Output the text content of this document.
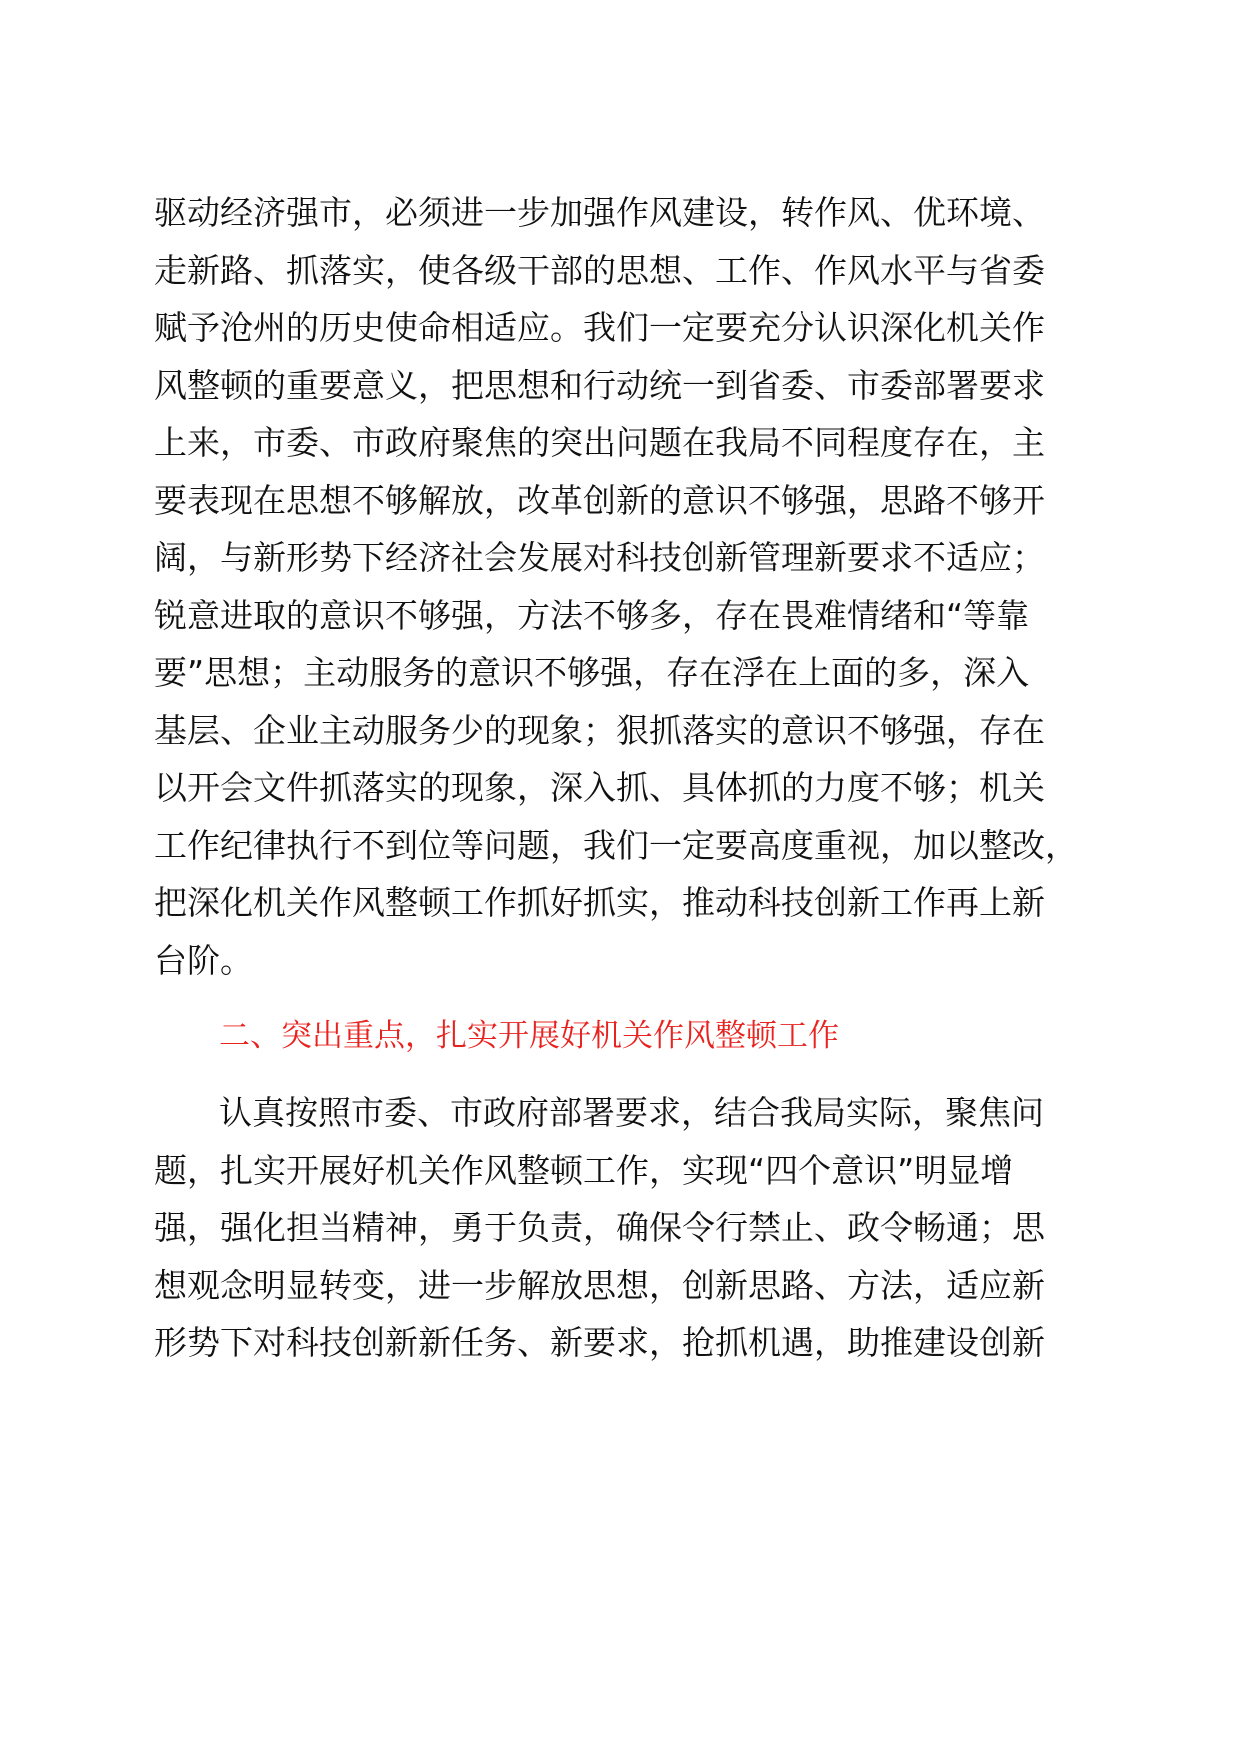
驱动经济强市，必须进一步加强作风建设，转作风、优环境、

走新路、抓落实，使各级干部的思想、工作、作风水平与省委

赋予沧州的历史使命相适应。我们一定要充分认识深化机关作

风整顿的重要意义，把思想和行动统一到省委、市委部署要求

上来，市委、市政府聚焦的突出问题在我局不同程度存在，主

要表现在思想不够解放，改革创新的意识不够强，思路不够开

阔，与新形势下经济社会发展对科技创新管理新要求不适应；

锐意进取的意识不够强，方法不够多，存在畏难情绪和“等靠

要”思想；主动服务的意识不够强，存在浮在上面的多，深入

基层、企业主动服务少的现象；狠抓落实的意识不够强，存在

以开会文件抓落实的现象，深入抓、具体抓的力度不够；机关

工作纪律执行不到位等问题，我们一定要高度重视，加以整改，

把深化机关作风整顿工作抓好抓实，推动科技创新工作再上新

台阶。

二、突出重点，扎实开展好机关作风整顿工作

认真按照市委、市政府部署要求，结合我局实际，聚焦问

题，扎实开展好机关作风整顿工作，实现“四个意识”明显增

强，强化担当精神，勇于负责，确保令行禁止、政令畅通；思

想观念明显转变，进一步解放思想，创新思路、方法，适应新

形势下对科技创新新任务、新要求，抢抓机遇，助推建设创新
